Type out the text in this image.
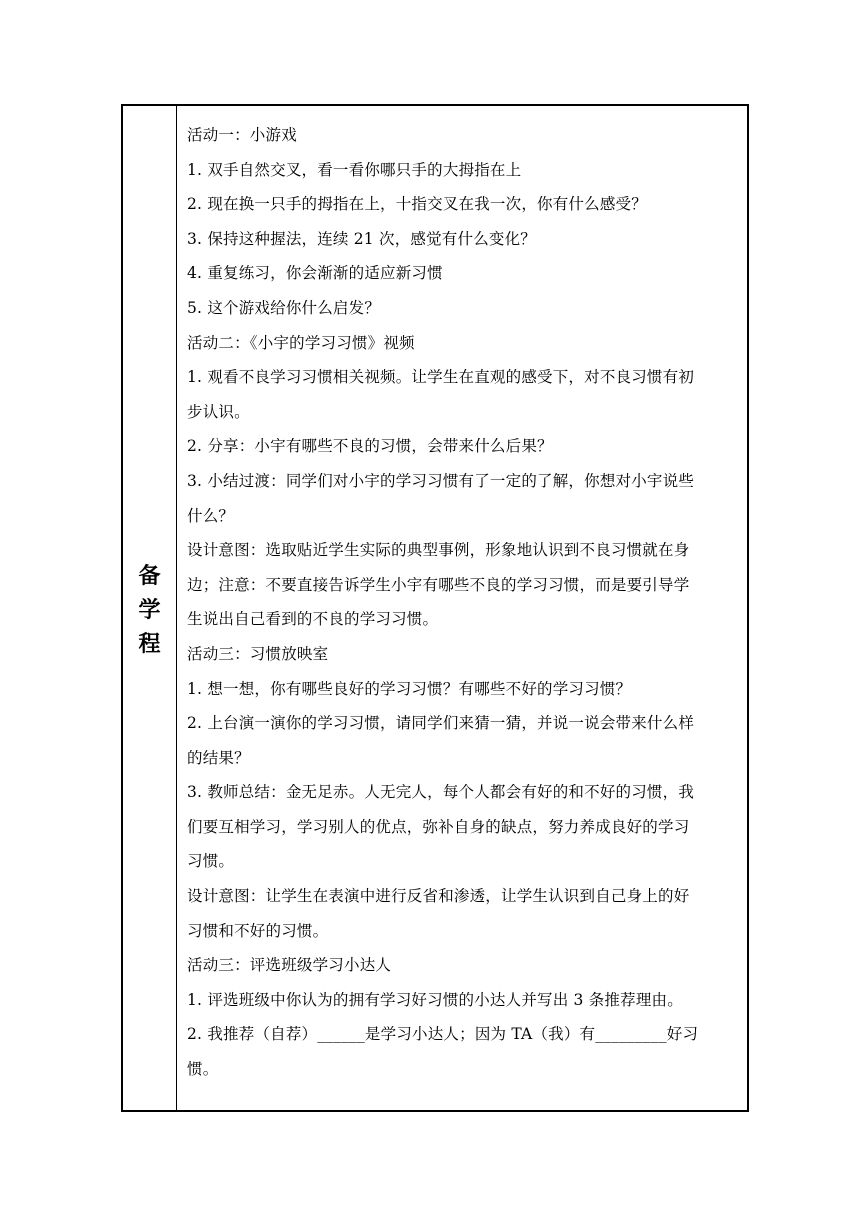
备
学
程
活动一：小游戏
1. 双手自然交叉，看一看你哪只手的大拇指在上
2. 现在换一只手的拇指在上，十指交叉在我一次，你有什么感受？
3. 保持这种握法，连续 21 次，感觉有什么变化？
4. 重复练习，你会渐渐的适应新习惯
5. 这个游戏给你什么启发？
活动二：《小宇的学习习惯》视频
1. 观看不良学习习惯相关视频。让学生在直观的感受下，对不良习惯有初
步认识。
2. 分享：小宇有哪些不良的习惯，会带来什么后果？
3. 小结过渡：同学们对小宇的学习习惯有了一定的了解，你想对小宇说些
什么？
设计意图：选取贴近学生实际的典型事例，形象地认识到不良习惯就在身
边；注意：不要直接告诉学生小宇有哪些不良的学习习惯，而是要引导学
生说出自己看到的不良的学习习惯。
活动三：习惯放映室
1. 想一想，你有哪些良好的学习习惯？有哪些不好的学习习惯？
2. 上台演一演你的学习习惯，请同学们来猜一猜，并说一说会带来什么样
的结果？
3. 教师总结：金无足赤。人无完人，每个人都会有好的和不好的习惯，我
们要互相学习，学习别人的优点，弥补自身的缺点，努力养成良好的学习
习惯。
设计意图：让学生在表演中进行反省和渗透，让学生认识到自己身上的好
习惯和不好的习惯。
活动三：评选班级学习小达人
1. 评选班级中你认为的拥有学习好习惯的小达人并写出 3 条推荐理由。
2. 我推荐（自荐）______是学习小达人；因为 TA（我）有_________好习
惯。
